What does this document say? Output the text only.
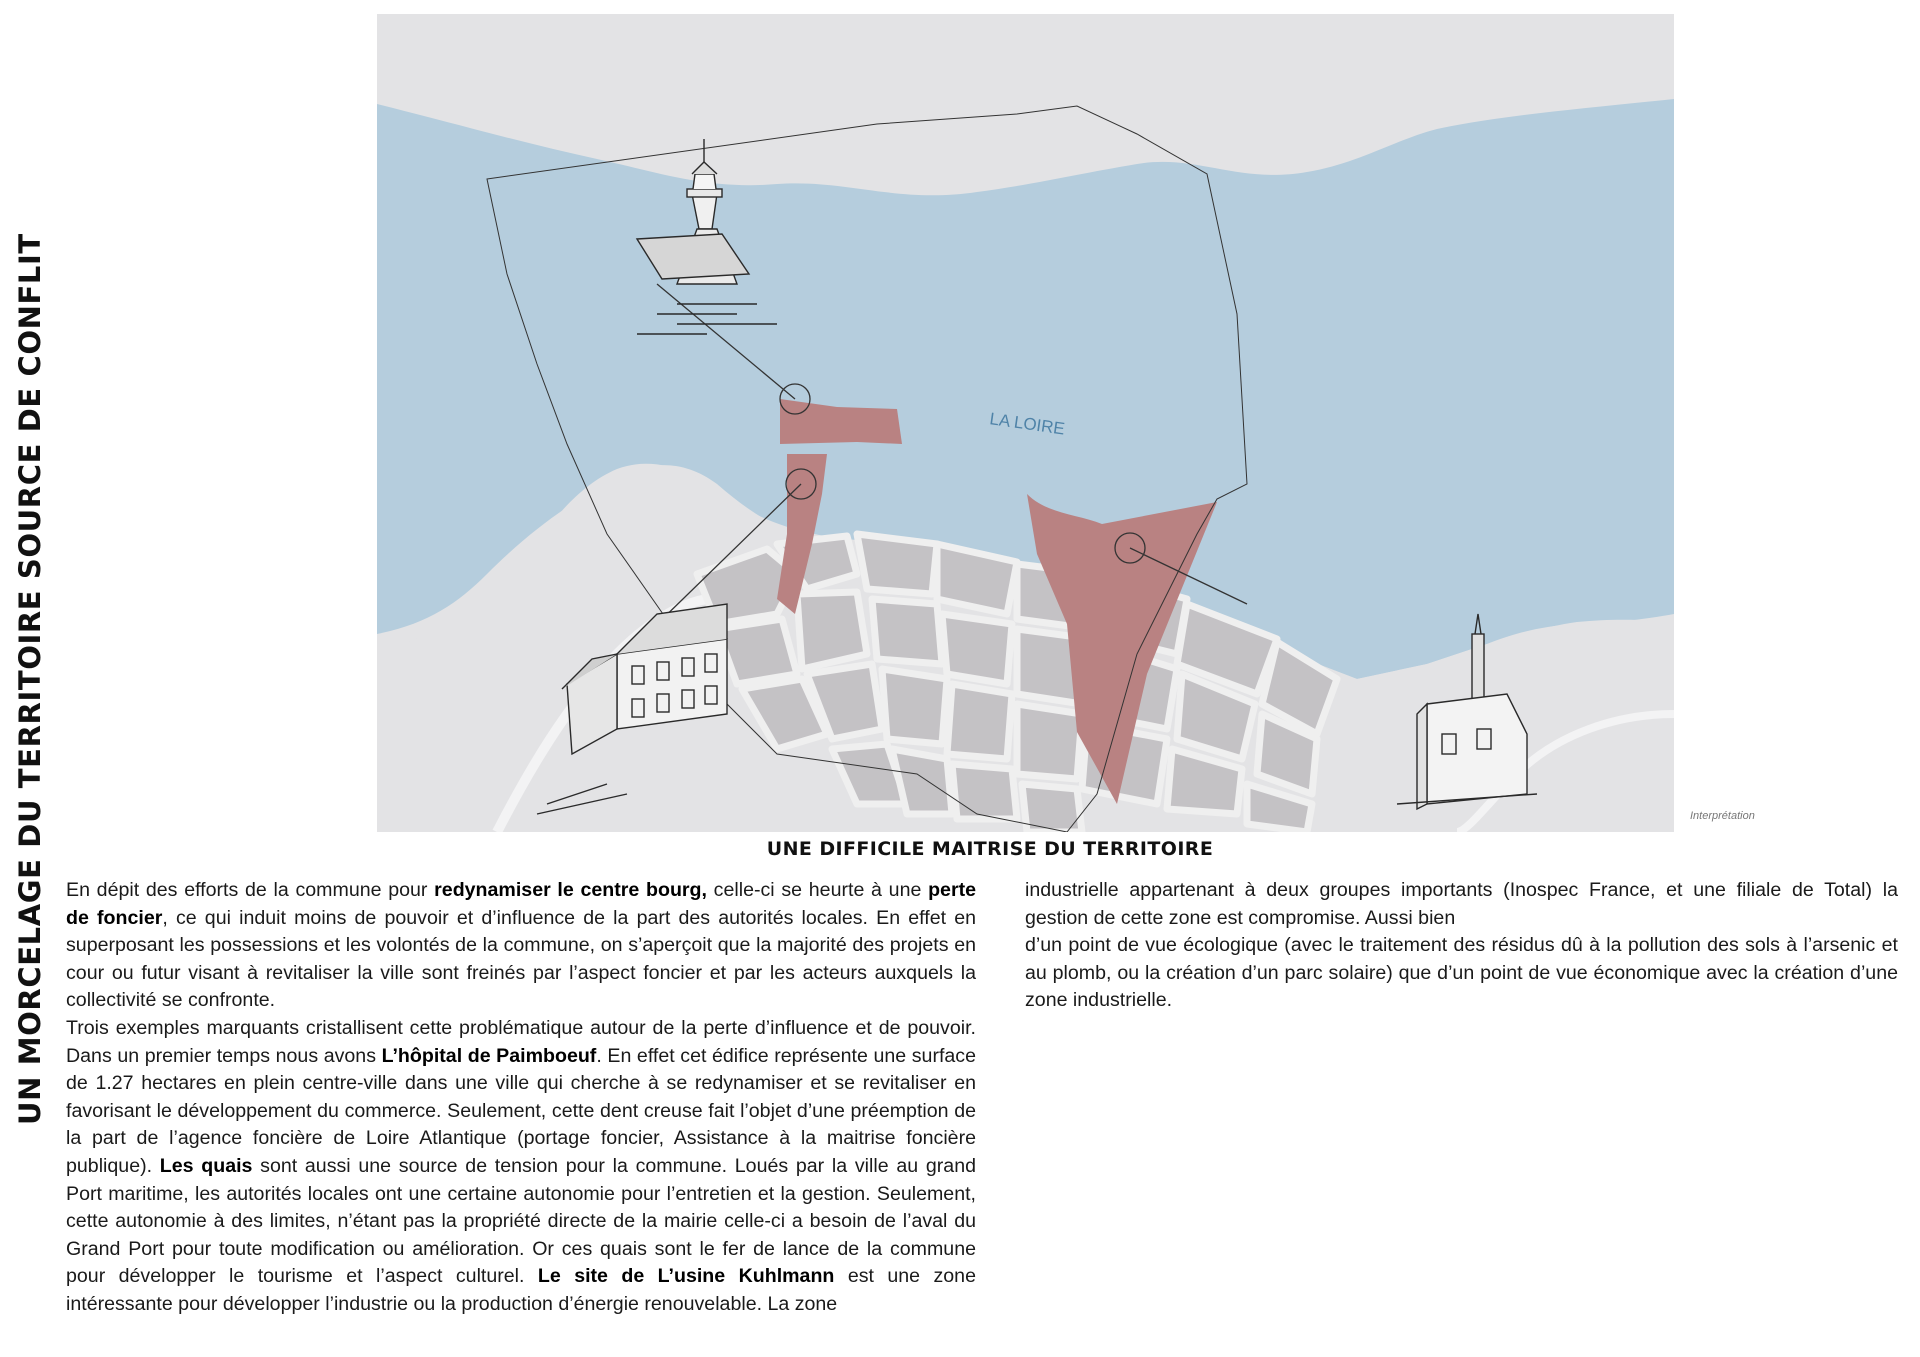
UN MORCELAGE DU TERRITOIRE SOURCE DE CONFLIT	LA LOIRE
Interprétation
UNE DIFFICILE MAITRISE DU TERRITOIRE

En dépit des efforts de la commune pour redynamiser le centre bourg, celle-ci se heurte à une perte de foncier, ce qui induit moins de pouvoir et d’influence de la part des autorités locales. En effet en superposant les possessions et les volontés de la commune, on s’aperçoit que la majorité des projets en cour ou futur visant à revitaliser la ville sont freinés par l’aspect foncier et par les acteurs auxquels la collectivité se confronte.

Trois exemples marquants cristallisent cette problématique autour de la perte d’influence et de pouvoir. Dans un premier temps nous avons L’hôpital de Paimboeuf. En effet cet édifice représente une surface de 1.27 hectares en plein centre-ville dans une ville qui cherche à se redynamiser et se revitaliser en favorisant le développement du commerce. Seulement, cette dent creuse fait l’objet d’une préemption de la part de l’agence foncière de Loire Atlantique (portage foncier, Assistance à la maitrise foncière publique). Les quais sont aussi une source de tension pour la commune. Loués par la ville au grand Port maritime, les autorités locales ont une certaine autonomie pour l’entretien et la gestion. Seulement, cette autonomie à des limites, n’étant pas la propriété directe de la mairie celle-ci a besoin de l’aval du Grand Port pour toute modification ou amélioration. Or ces quais sont le fer de lance de la commune pour développer le tourisme et l’aspect culturel. Le site de L’usine Kuhlmann est une zone intéressante pour développer l’industrie ou la production d’énergie renouvelable. La zone

industrielle appartenant à deux groupes importants (Inospec France, et une filiale de Total) la gestion de cette zone est compromise. Aussi bien

d’un point de vue écologique (avec le traitement des résidus dû à la pollution des sols à l’arsenic et au plomb, ou la création d’un parc solaire) que d’un point de vue économique avec la création d’une zone industrielle.
